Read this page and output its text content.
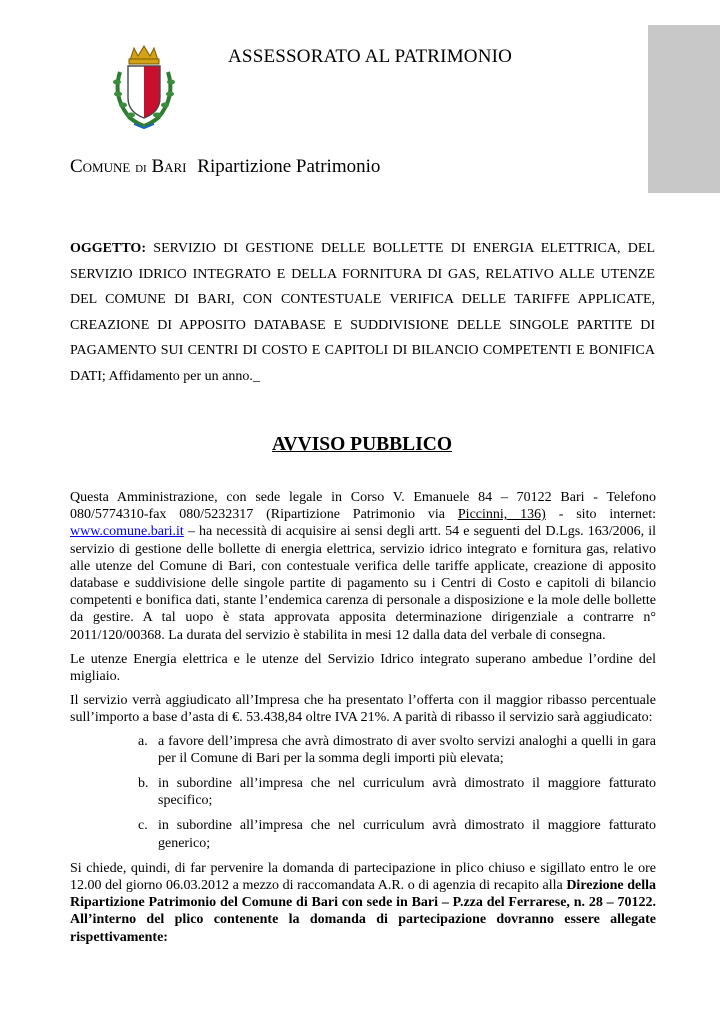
ASSESSORATO AL PATRIMONIO
Comune di Bari Ripartizione Patrimonio
OGGETTO: SERVIZIO DI GESTIONE DELLE BOLLETTE DI ENERGIA ELETTRICA, DEL SERVIZIO IDRICO INTEGRATO E DELLA FORNITURA DI GAS, RELATIVO ALLE UTENZE DEL COMUNE DI BARI, CON CONTESTUALE VERIFICA DELLE TARIFFE APPLICATE, CREAZIONE DI APPOSITO DATABASE E SUDDIVISIONE DELLE SINGOLE PARTITE DI PAGAMENTO SUI CENTRI DI COSTO E CAPITOLI DI BILANCIO COMPETENTI E BONIFICA DATI; Affidamento per un anno._
AVVISO PUBBLICO

Questa Amministrazione, con sede legale in Corso V. Emanuele 84 – 70122 Bari - Telefono 080/5774310-fax 080/5232317 (Ripartizione Patrimonio via Piccinni, 136) - sito internet: www.comune.bari.it – ha necessità di acquisire ai sensi degli artt. 54 e seguenti del D.Lgs. 163/2006, il servizio di gestione delle bollette di energia elettrica, servizio idrico integrato e fornitura gas, relativo alle utenze del Comune di Bari, con contestuale verifica delle tariffe applicate, creazione di apposito database e suddivisione delle singole partite di pagamento su i Centri di Costo e capitoli di bilancio competenti e bonifica dati, stante l’endemica carenza di personale a disposizione e la mole delle bollette da gestire. A tal uopo è stata approvata apposita determinazione dirigenziale a contrarre n° 2011/120/00368. La durata del servizio è stabilita in mesi 12 dalla data del verbale di consegna.

Le utenze Energia elettrica e le utenze del Servizio Idrico integrato superano ambedue l’ordine del migliaio.

Il servizio verrà aggiudicato all’Impresa che ha presentato l’offerta con il maggior ribasso percentuale sull’importo a base d’asta di €. 53.438,84 oltre IVA 21%. A parità di ribasso il servizio sarà aggiudicato:

a. a favore dell’impresa che avrà dimostrato di aver svolto servizi analoghi a quelli in gara per il Comune di Bari per la somma degli importi più elevata;
b. in subordine all’impresa che nel curriculum avrà dimostrato il maggiore fatturato specifico;
c. in subordine all’impresa che nel curriculum avrà dimostrato il maggiore fatturato generico;

Si chiede, quindi, di far pervenire la domanda di partecipazione in plico chiuso e sigillato entro le ore 12.00 del giorno 06.03.2012 a mezzo di raccomandata A.R. o di agenzia di recapito alla Direzione della Ripartizione Patrimonio del Comune di Bari con sede in Bari – P.zza del Ferrarese, n. 28 – 70122. All’interno del plico contenente la domanda di partecipazione dovranno essere allegate rispettivamente:
